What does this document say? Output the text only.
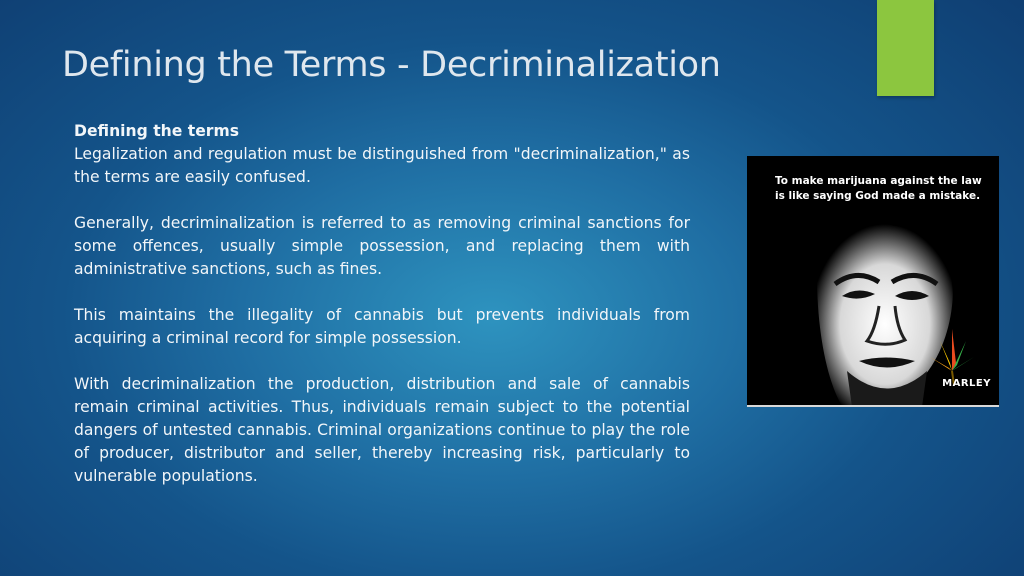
Defining the Terms - Decriminalization

Defining the terms
Legalization and regulation must be distinguished from "decriminalization," as the terms are easily confused.

Generally, decriminalization is referred to as removing criminal sanctions for some offences, usually simple possession, and replacing them with administrative sanctions, such as fines.

This maintains the illegality of cannabis but prevents individuals from acquiring a criminal record for simple possession.

With decriminalization the production, distribution and sale of cannabis remain criminal activities. Thus, individuals remain subject to the potential dangers of untested cannabis. Criminal organizations continue to play the role of producer, distributor and seller, thereby increasing risk, particularly to vulnerable populations.

To make marijuana against the law is like saying God made a mistake.
MARLEY
